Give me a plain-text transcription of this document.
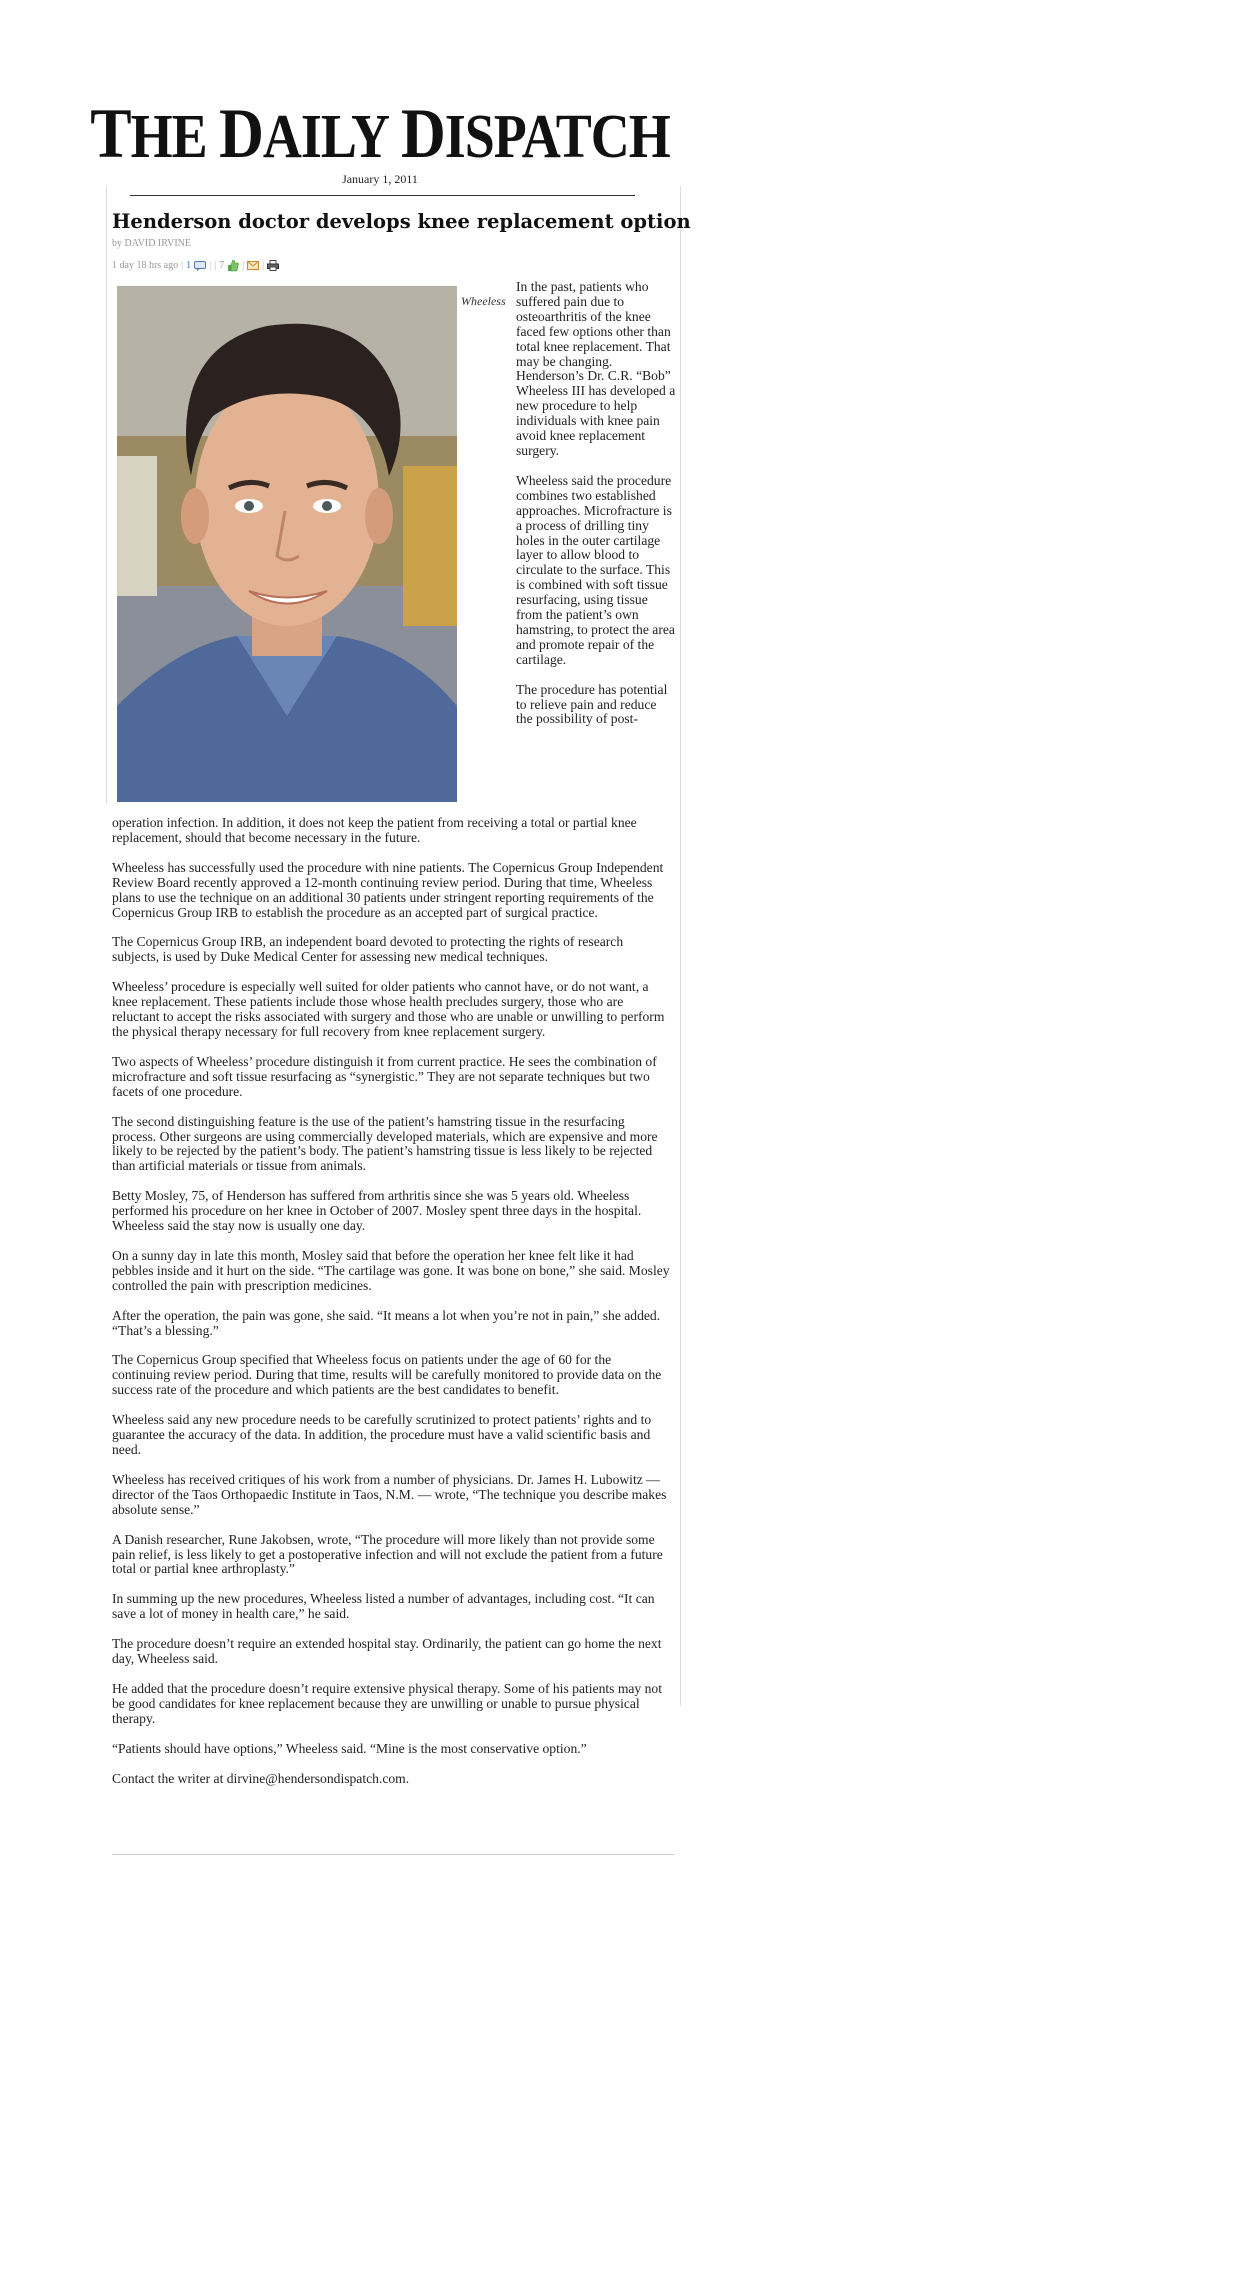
THE DAILY DISPATCH
January 1, 2011
Henderson doctor develops knee replacement option
by DAVID IRVINE
1 day 18 hrs ago | 1 | | 7 | |
Wheeless

In the past, patients who suffered pain due to osteoarthritis of the knee faced few options other than total knee replacement. That may be changing. Henderson’s Dr. C.R. “Bob” Wheeless III has developed a new procedure to help individuals with knee pain avoid knee replacement surgery.

Wheeless said the procedure combines two established approaches. Microfracture is a process of drilling tiny holes in the outer cartilage layer to allow blood to circulate to the surface. This is combined with soft tissue resurfacing, using tissue from the patient’s own hamstring, to protect the area and promote repair of the cartilage.

The procedure has potential to relieve pain and reduce the possibility of post-

operation infection. In addition, it does not keep the patient from receiving a total or partial knee replacement, should that become necessary in the future.

Wheeless has successfully used the procedure with nine patients. The Copernicus Group Independent Review Board recently approved a 12-month continuing review period. During that time, Wheeless plans to use the technique on an additional 30 patients under stringent reporting requirements of the Copernicus Group IRB to establish the procedure as an accepted part of surgical practice.

The Copernicus Group IRB, an independent board devoted to protecting the rights of research subjects, is used by Duke Medical Center for assessing new medical techniques.

Wheeless’ procedure is especially well suited for older patients who cannot have, or do not want, a knee replacement. These patients include those whose health precludes surgery, those who are reluctant to accept the risks associated with surgery and those who are unable or unwilling to perform the physical therapy necessary for full recovery from knee replacement surgery.

Two aspects of Wheeless’ procedure distinguish it from current practice. He sees the combination of microfracture and soft tissue resurfacing as “synergistic.” They are not separate techniques but two facets of one procedure.

The second distinguishing feature is the use of the patient’s hamstring tissue in the resurfacing process. Other surgeons are using commercially developed materials, which are expensive and more likely to be rejected by the patient’s body. The patient’s hamstring tissue is less likely to be rejected than artificial materials or tissue from animals.

Betty Mosley, 75, of Henderson has suffered from arthritis since she was 5 years old. Wheeless performed his procedure on her knee in October of 2007. Mosley spent three days in the hospital. Wheeless said the stay now is usually one day.

On a sunny day in late this month, Mosley said that before the operation her knee felt like it had pebbles inside and it hurt on the side. “The cartilage was gone. It was bone on bone,” she said. Mosley controlled the pain with prescription medicines.

After the operation, the pain was gone, she said. “It means a lot when you’re not in pain,” she added. “That’s a blessing.”

The Copernicus Group specified that Wheeless focus on patients under the age of 60 for the continuing review period. During that time, results will be carefully monitored to provide data on the success rate of the procedure and which patients are the best candidates to benefit.

Wheeless said any new procedure needs to be carefully scrutinized to protect patients’ rights and to guarantee the accuracy of the data. In addition, the procedure must have a valid scientific basis and need.

Wheeless has received critiques of his work from a number of physicians. Dr. James H. Lubowitz — director of the Taos Orthopaedic Institute in Taos, N.M. — wrote, “The technique you describe makes absolute sense.”

A Danish researcher, Rune Jakobsen, wrote, “The procedure will more likely than not provide some pain relief, is less likely to get a postoperative infection and will not exclude the patient from a future total or partial knee arthroplasty.”

In summing up the new procedures, Wheeless listed a number of advantages, including cost. “It can save a lot of money in health care,” he said.

The procedure doesn’t require an extended hospital stay. Ordinarily, the patient can go home the next day, Wheeless said.

He added that the procedure doesn’t require extensive physical therapy. Some of his patients may not be good candidates for knee replacement because they are unwilling or unable to pursue physical therapy.

“Patients should have options,” Wheeless said. “Mine is the most conservative option.”

Contact the writer at dirvine@hendersondispatch.com.
